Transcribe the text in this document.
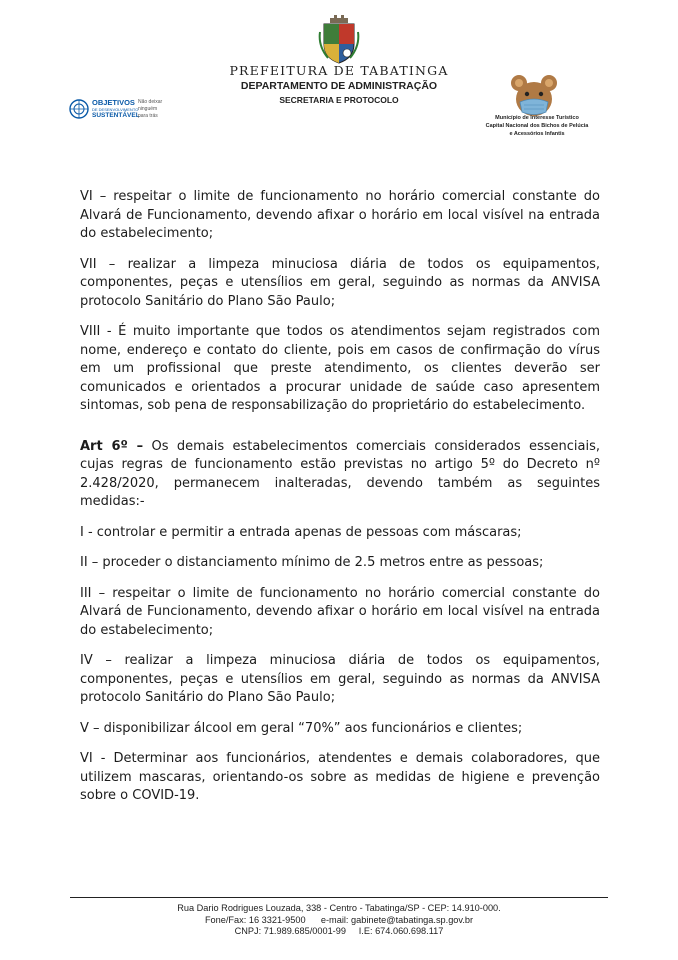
PREFEITURA DE TABATINGA
DEPARTAMENTO DE ADMINISTRAÇÃO
SECRETARIA E PROTOCOLO
OBJETIVOS
DE DESENVOLVIMENTO
SUSTENTÁVEL
Não deixar
ninguém
para trás	Município de Interesse Turístico
Capital Nacional dos Bichos de Pelúcia
e Acessórios Infantis

VI – respeitar o limite de funcionamento no horário comercial constante do Alvará de Funcionamento, devendo afixar o horário em local visível na entrada do estabelecimento;

VII – realizar a limpeza minuciosa diária de todos os equipamentos, componentes, peças e utensílios em geral, seguindo as normas da ANVISA protocolo Sanitário do Plano São Paulo;

VIII - É muito importante que todos os atendimentos sejam registrados com nome, endereço e contato do cliente, pois em casos de confirmação do vírus em um profissional que preste atendimento, os clientes deverão ser comunicados e orientados a procurar unidade de saúde caso apresentem sintomas, sob pena de responsabilização do proprietário do estabelecimento.

Art 6º – Os demais estabelecimentos comerciais considerados essenciais, cujas regras de funcionamento estão previstas no artigo 5º do Decreto nº 2.428/2020, permanecem inalteradas, devendo também as seguintes medidas:-

I - controlar e permitir a entrada apenas de pessoas com máscaras;

II – proceder o distanciamento mínimo de 2.5 metros entre as pessoas;

III – respeitar o limite de funcionamento no horário comercial constante do Alvará de Funcionamento, devendo afixar o horário em local visível na entrada do estabelecimento;

IV – realizar a limpeza minuciosa diária de todos os equipamentos, componentes, peças e utensílios em geral, seguindo as normas da ANVISA protocolo Sanitário do Plano São Paulo;

V – disponibilizar álcool em geral “70%” aos funcionários e clientes;

VI - Determinar aos funcionários, atendentes e demais colaboradores, que utilizem mascaras, orientando-os sobre as medidas de higiene e prevenção sobre o COVID-19.

Rua Dario Rodrigues Louzada, 338 - Centro - Tabatinga/SP - CEP: 14.910-000.
Fone/Fax: 16 3321-9500 e-mail: gabinete@tabatinga.sp.gov.br
CNPJ: 71.989.685/0001-99 I.E: 674.060.698.117
